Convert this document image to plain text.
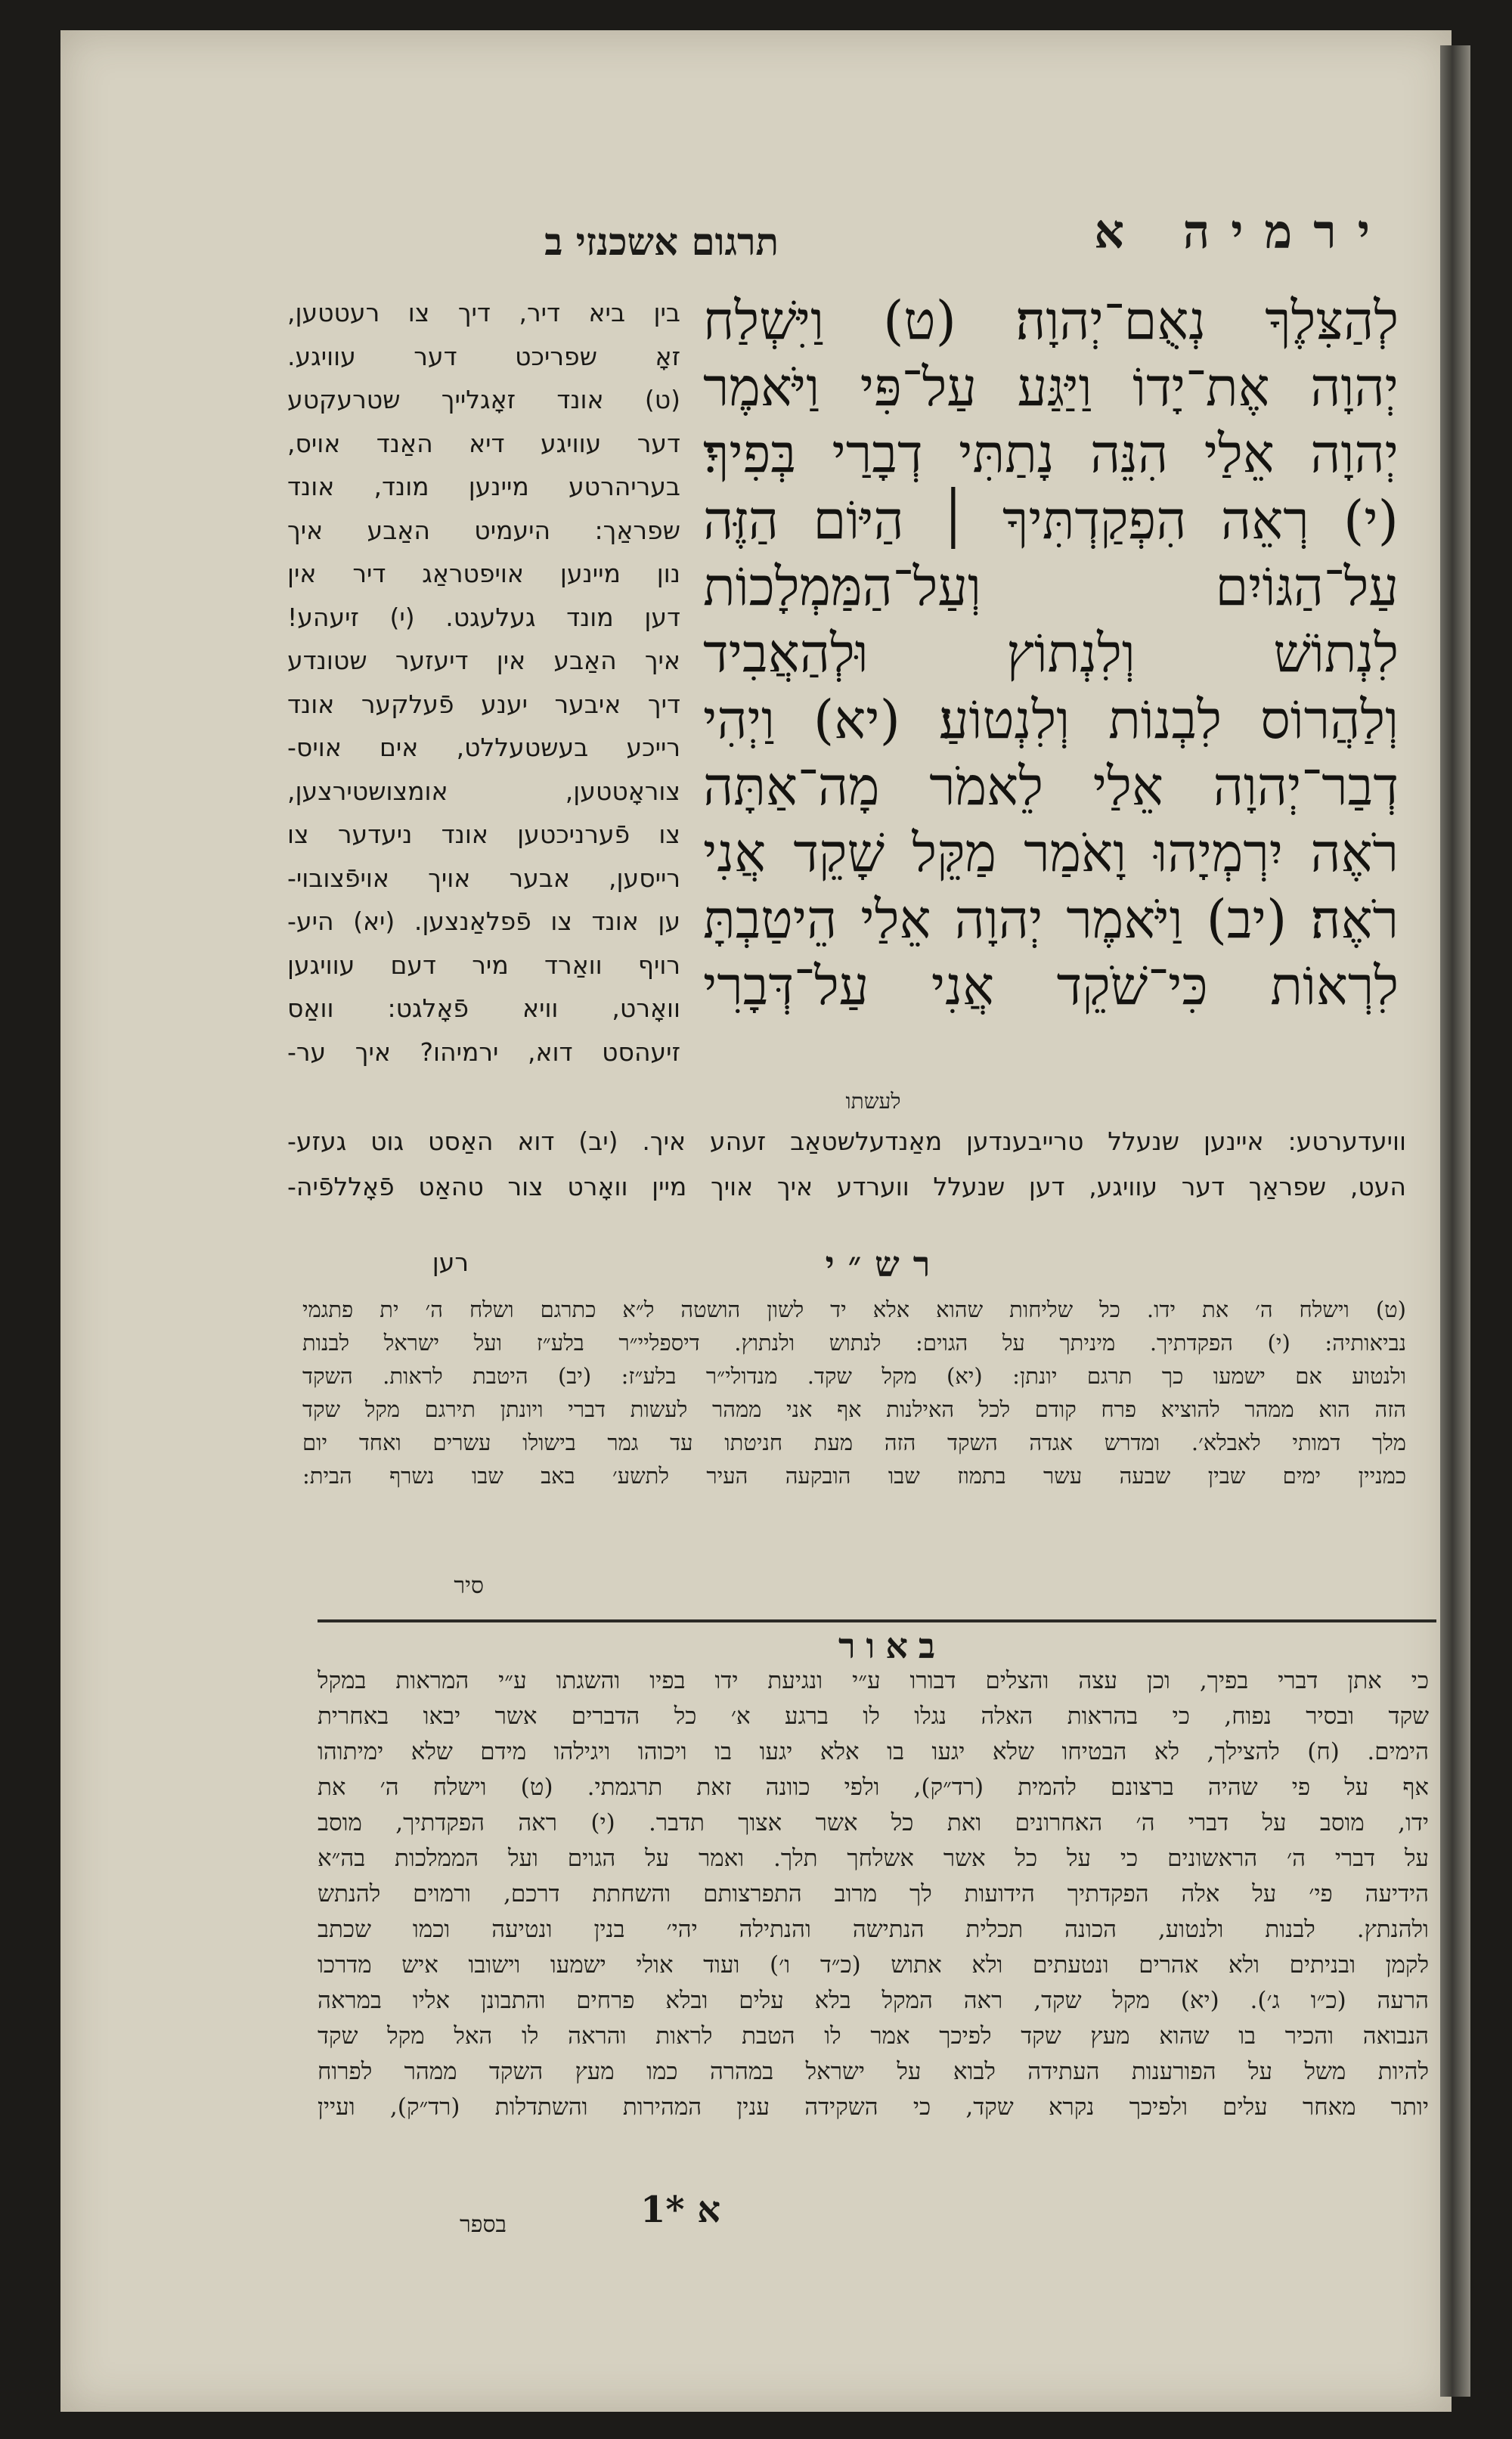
ירמיה א
תרגום אשכנזי ב
לְהַצִּלֶךָ נְאֻם־יְהוָה׃ (ט) וַיִּשְׁלַח
יְהוָה אֶת־יָדוֹ וַיַּגַּע עַל־פִּי וַיֹּאמֶר
יְהוָה אֵלַי הִנֵּה נָתַתִּי דְבָרַי בְּפִיךָ׃
(י) רְאֵה הִפְקַדְתִּיךָ ׀ הַיּוֹם הַזֶּה
עַל־הַגּוֹיִם וְעַל־הַמַּמְלָכוֹת
לִנְתוֹשׁ וְלִנְתוֹץ וּלְהַאֲבִיד
וְלַהֲרוֹס לִבְנוֹת וְלִנְטוֹעַ׃ (יא) וַיְהִי
דְבַר־יְהוָה אֵלַי לֵאמֹר מָה־אַתָּה
רֹאֶה יִרְמְיָהוּ וָאֹמַר מַקֵּל שָׁקֵד אֲנִי
רֹאֶה׃ (יב) וַיֹּאמֶר יְהוָה אֵלַי הֵיטַבְתָּ
לִרְאוֹת כִּי־שֹׁקֵד אֲנִי עַל־דְּבָרִי
בין ביא דיר, דיך צו רעטטען,
זאָ שפריכט דער עוויגע.
(ט) אונד זאָגלייך שטרעקטע
דער עוויגע דיא האַנד אויס,
בעריהרטע מיינען מונד, אונד
שפראַך: היעמיט האַבע איך
נון מיינען אויפטראַג דיר אין
דען מונד געלעגט. (י) זיעהע!
איך האַבע אין דיעזער שטונדע
דיך איבער יענע פֿעלקער אונד
רייכע בעשטעללט, אים אויס-
צוראָטטען, אומצושטירצען,
צו פֿערניכטען אונד ניעדער צו
רייסען, אבער אויך אויפֿצובוי-
ען אונד צו פֿפלאַנצען. (יא) היע-
רויף וואַרד מיר דעם עוויגען
וואָרט, וויא פֿאָלגט: וואַס
זיעהסט דוא, ירמיהו? איך ער-
לעשתו
וויעדערטע: איינען שנעלל טרייבענדען מאַנדעלשטאַב זעהע איך. (יב) דוא האַסט גוט געזע-
העט, שפראַך דער עוויגע, דען שנעלל ווערדע איך אויך מיין וואָרט צור טהאַט פֿאָללפֿיה-
רען	רש״י
(ט) וישלח ה׳ את ידו. כל שליחות שהוא אלא יד לשון הושטה ל״א כתרגם ושלח ה׳ ית פתגמי
נביאותיה: (י) הפקדתיך. מיניתך על הגוים: לנתוש ולנתוץ. דיספליי״ר בלע״ז ועל ישראל לבנות
ולנטוע אם ישמעו כך תרגם יונתן: (יא) מקל שקד. מנדולי״ר בלע״ז: (יב) היטבת לראות. השקד
הזה הוא ממהר להוציא פרח קודם לכל האילנות אף אני ממהר לעשות דברי ויונתן תירגם מקל שקד
מלך דמותי לאבלא׳. ומדרש אגדה השקד הזה מעת חניטתו עד גמר בישולו עשרים ואחד יום
כמניין ימים שבין שבעה עשר בתמוז שבו הובקעה העיר לתשע׳ באב שבו נשרף הבית:
סיר
באור
כי אתן דברי בפיך, וכן עצה והצלים דבורו ע״י ונגיעת ידו בפיו והשגתו ע״י המראות במקל
שקד ובסיר נפוח, כי בהראות האלה נגלו לו ברגע א׳ כל הדברים אשר יבאו באחרית
הימים. (ח) להצילך, לא הבטיחו שלא יגעו בו אלא יגעו בו ויכוהו ויגילהו מידם שלא ימיתוהו
אף על פי שהיה ברצונם להמית (רד״ק), ולפי כוונה זאת תרגמתי. (ט) וישלח ה׳ את
ידו, מוסב על דברי ה׳ האחרונים ואת כל אשר אצוך תדבר. (י) ראה הפקדתיך, מוסב
על דברי ה׳ הראשונים כי על כל אשר אשלחך תלך. ואמר על הגוים ועל הממלכות בה״א
הידיעה פי׳ על אלה הפקדתיך הידועות לך מרוב התפרצותם והשחתת דרכם, ורמוים להנתש
ולהנתץ. לבנות ולנטוע, הכונה תכלית הנתישה והנתילה יהי׳ בנין ונטיעה וכמו שכתב
לקמן ובניתים ולא אהרים ונטעתים ולא אתוש (כ״ד ו׳) ועוד אולי ישמעו וישובו איש מדרכו
הרעה (כ״ו ג׳). (יא) מקל שקד, ראה המקל בלא עלים ובלא פרחים והתבונן אליו במראה
הנבואה והכיר בו שהוא מעץ שקד לפיכך אמר לו הטבת לראות והראה לו האל מקל שקד
להיות משל על הפורענות העתידה לבוא על ישראל במהרה כמו מעץ השקד ממהר לפרוח
יותר מאחר עלים ולפיכך נקרא שקד, כי השקידה ענין המהירות והשתדלות (רד״ק), ועיין
בספר	א *1
